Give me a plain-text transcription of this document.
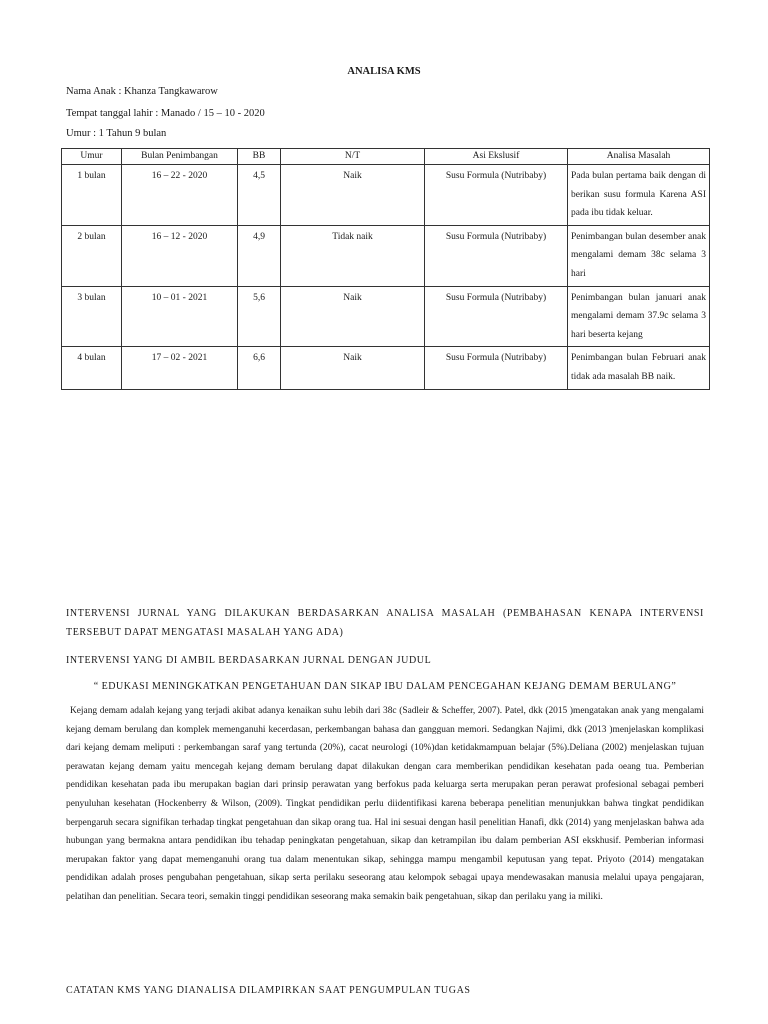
ANALISA KMS
Nama Anak : Khanza Tangkawarow
Tempat tanggal lahir : Manado / 15 – 10 - 2020
Umur : 1 Tahun 9 bulan
Umur	Bulan Penimbangan	BB	N/T	Asi Ekslusif	Analisa Masalah
1 bulan	16 – 22 - 2020	4,5	Naik	Susu Formula (Nutribaby)	Pada bulan pertama baik dengan di berikan susu formula Karena ASI pada ibu tidak keluar.
2 bulan	16 – 12 - 2020	4,9	Tidak naik	Susu Formula (Nutribaby)	Penimbangan bulan desember anak mengalami demam 38c selama 3 hari
3 bulan	10 – 01 - 2021	5,6	Naik	Susu Formula (Nutribaby)	Penimbangan bulan januari anak mengalami demam 37.9c selama 3 hari beserta kejang
4 bulan	17 – 02 - 2021	6,6	Naik	Susu Formula (Nutribaby)	Penimbangan bulan Februari anak tidak ada masalah BB naik.
INTERVENSI JURNAL YANG DILAKUKAN BERDASARKAN ANALISA MASALAH (PEMBAHASAN KENAPA INTERVENSI TERSEBUT DAPAT MENGATASI MASALAH YANG ADA)
INTERVENSI YANG DI AMBIL BERDASARKAN JURNAL DENGAN JUDUL
“ EDUKASI MENINGKATKAN PENGETAHUAN DAN SIKAP IBU DALAM PENCEGAHAN KEJANG DEMAM BERULANG”
Kejang demam adalah kejang yang terjadi akibat adanya kenaikan suhu lebih dari 38c (Sadleir & Scheffer, 2007). Patel, dkk (2015 )mengatakan anak yang mengalami kejang demam berulang dan komplek memenganuhi kecerdasan, perkembangan bahasa dan gangguan memori. Sedangkan Najimi, dkk (2013 )menjelaskan komplikasi dari kejang demam meliputi : perkembangan saraf yang tertunda (20%), cacat neurologi (10%)dan ketidakmampuan belajar (5%).Deliana (2002) menjelaskan tujuan perawatan kejang demam yaitu mencegah kejang demam berulang dapat dilakukan dengan cara memberikan pendidikan kesehatan pada oeang tua. Pemberian pendidikan kesehatan pada ibu merupakan bagian dari prinsip perawatan yang berfokus pada keluarga serta merupakan peran perawat profesional sebagai pemberi penyuluhan kesehatan (Hockenberry & Wilson, (2009). Tingkat pendidikan perlu diidentifikasi karena beberapa penelitian menunjukkan bahwa tingkat pendidikan berpengaruh secara signifikan terhadap tingkat pengetahuan dan sikap orang tua. Hal ini sesuai dengan hasil penelitian Hanafi, dkk (2014) yang menjelaskan bahwa ada hubungan yang bermakna antara pendidikan ibu tehadap peningkatan pengetahuan, sikap dan ketrampilan ibu dalam pemberian ASI ekskhusif. Pemberian informasi merupakan faktor yang dapat memenganuhi orang tua dalam menentukan sikap, sehingga mampu mengambil keputusan yang tepat. Priyoto (2014) mengatakan pendidikan adalah proses pengubahan pengetahuan, sikap serta perilaku seseorang atau kelompok sebagai upaya mendewasakan manusia melalui upaya pengajaran, pelatihan dan penelitian. Secara teori, semakin tinggi pendidikan seseorang maka semakin baik pengetahuan, sikap dan perilaku yang ia miliki.
CATATAN KMS YANG DIANALISA DILAMPIRKAN SAAT PENGUMPULAN TUGAS
